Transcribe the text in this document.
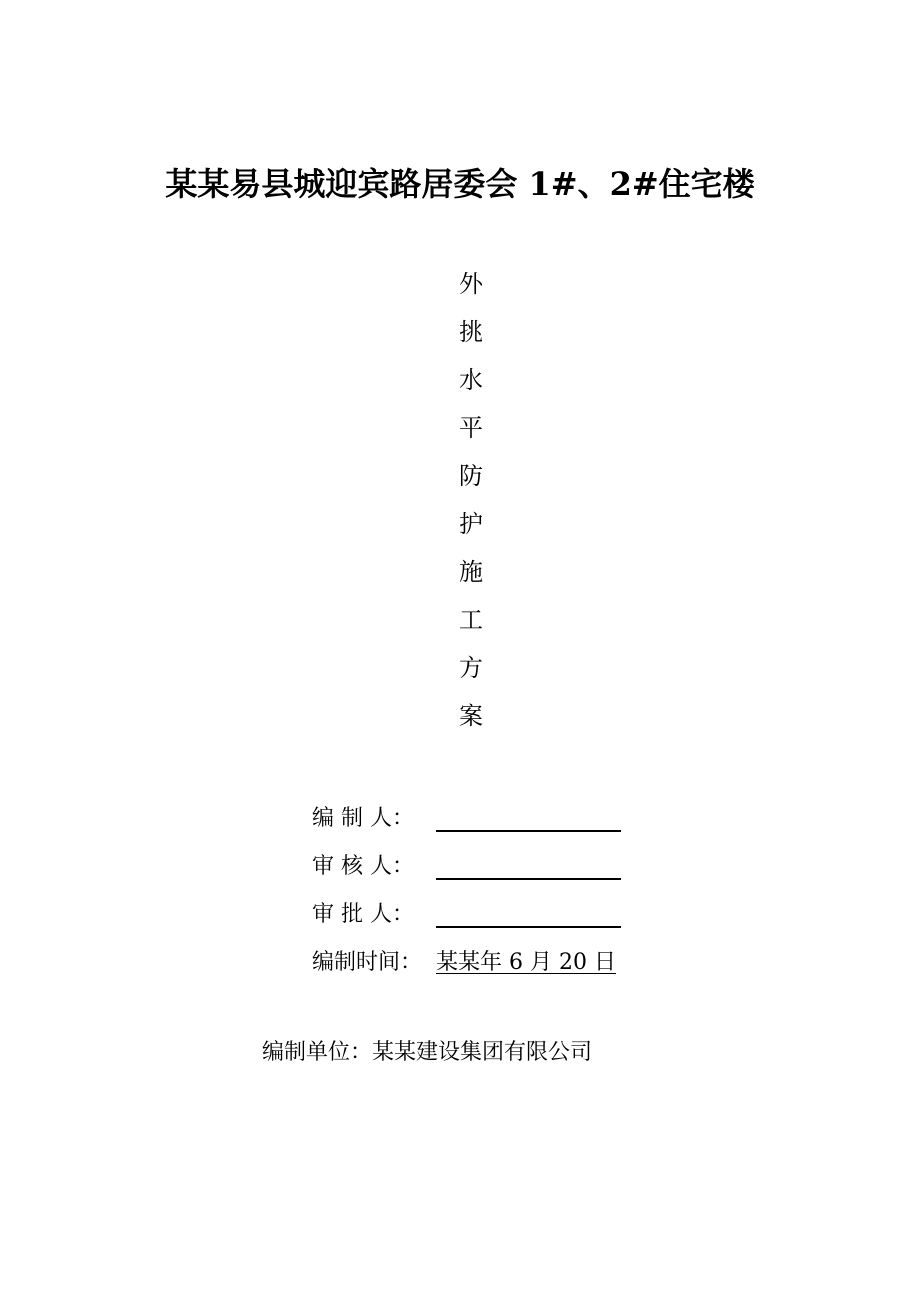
某某易县城迎宾路居委会 1#、2#住宅楼
外
挑
水
平
防
护
施
工
方
案
编 制 人：
审 核 人：
审 批 人：
编制时间： 某某年 6 月 20 日
编制单位：某某建设集团有限公司
